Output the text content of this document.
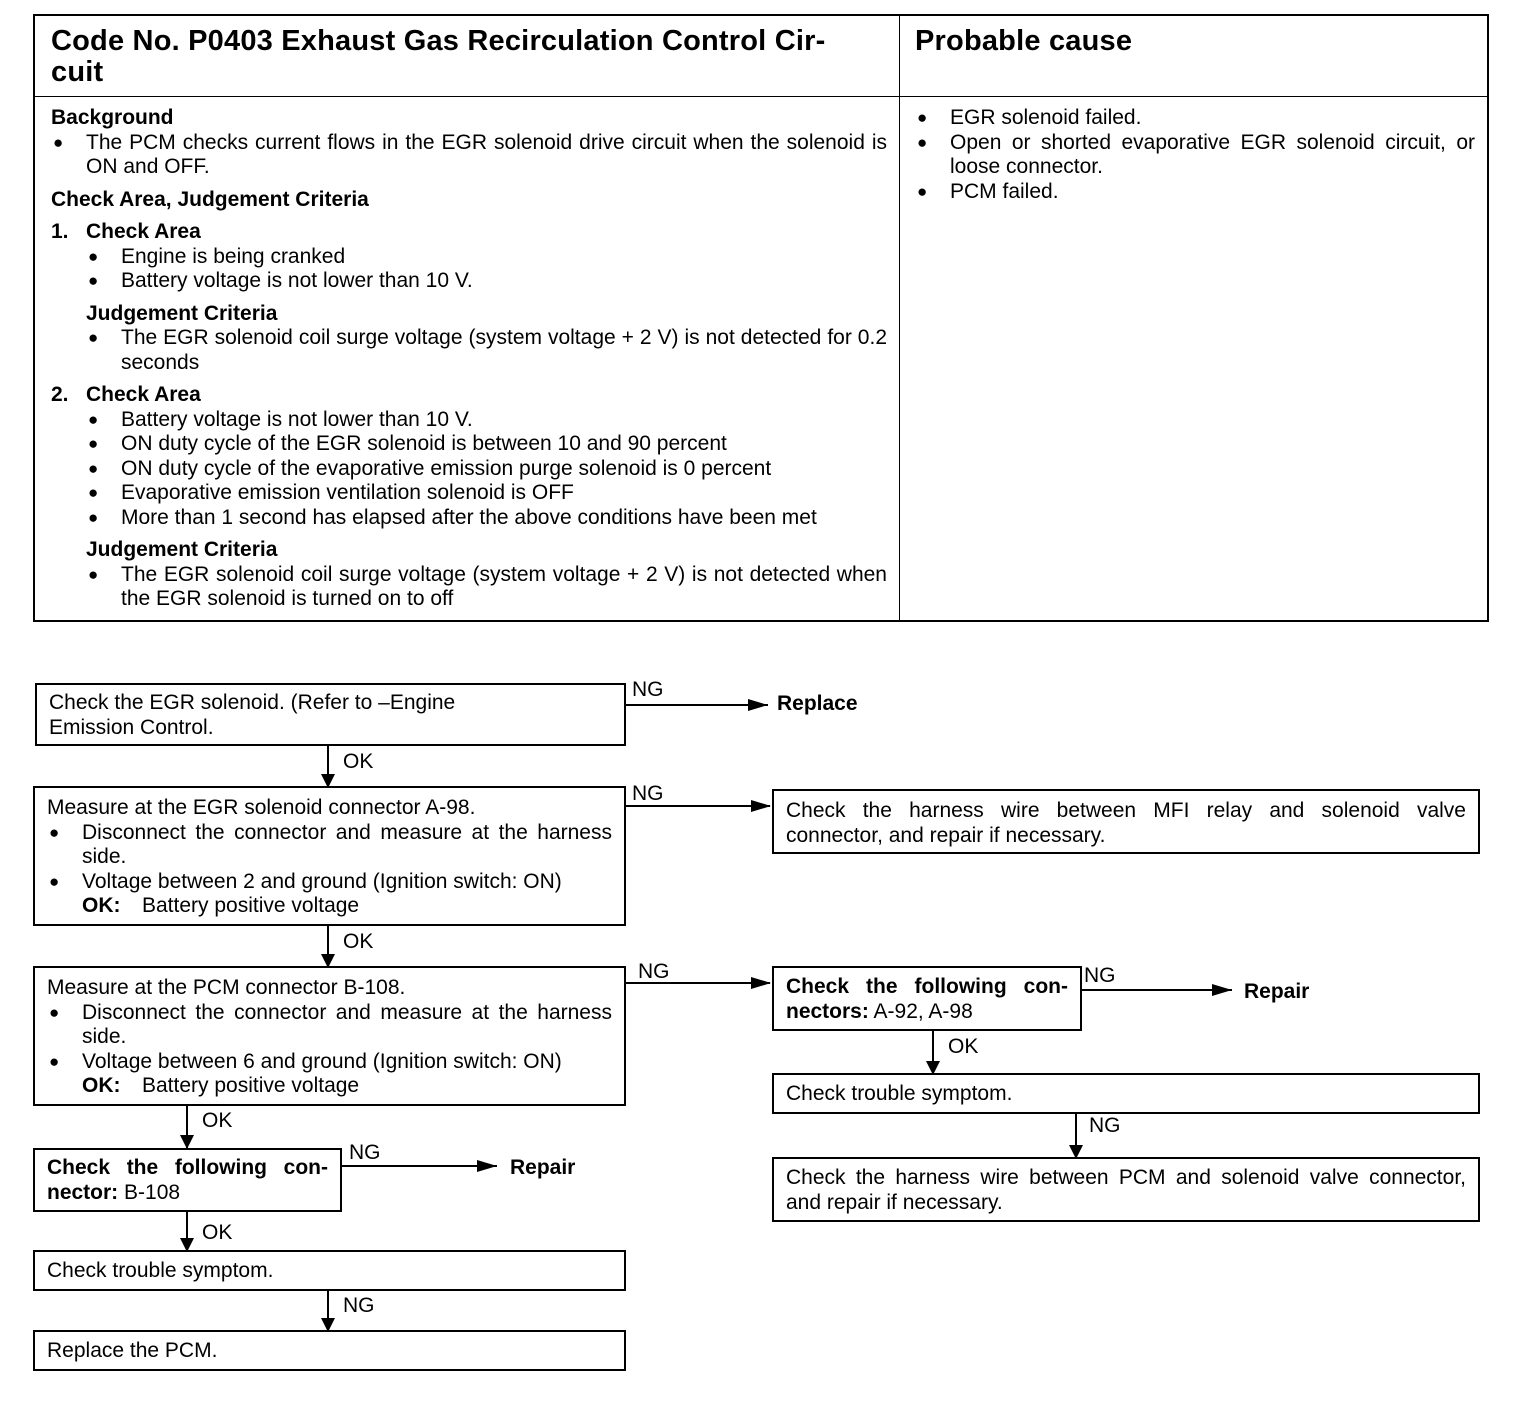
Code No. P0403 Exhaust Gas Recirculation Control Cir-
cuit
Probable cause
Background
● The PCM checks current flows in the EGR solenoid drive circuit when the solenoid is ON and OFF.
Check Area, Judgement Criteria
1. Check Area
● Engine is being cranked
● Battery voltage is not lower than 10 V.
Judgement Criteria
● The EGR solenoid coil surge voltage (system voltage + 2 V) is not detected for 0.2 seconds
2. Check Area
● Battery voltage is not lower than 10 V.
● ON duty cycle of the EGR solenoid is between 10 and 90 percent
● ON duty cycle of the evaporative emission purge solenoid is 0 percent
● Evaporative emission ventilation solenoid is OFF
● More than 1 second has elapsed after the above conditions have been met
Judgement Criteria
● The EGR solenoid coil surge voltage (system voltage + 2 V) is not detected when the EGR solenoid is turned on to off
● EGR solenoid failed.
● Open or shorted evaporative EGR solenoid circuit, or loose connector.
● PCM failed.
Check the EGR solenoid. (Refer to –Engine Emission Control.
Measure at the EGR solenoid connector A-98.
● Disconnect the connector and measure at the harness side.
● Voltage between 2 and ground (Ignition switch: ON)
OK: Battery positive voltage
Measure at the PCM connector B-108.
● Disconnect the connector and measure at the harness side.
● Voltage between 6 and ground (Ignition switch: ON)
OK: Battery positive voltage
Check the following con-
nector: B-108
Check trouble symptom.
Replace the PCM.
Check the harness wire between MFI relay and solenoid valve connector, and repair if necessary.
Check the following con-
nectors: A-92, A-98
Check trouble symptom.
Check the harness wire between PCM and solenoid valve connector, and repair if necessary.
NG
OK
NG
OK
NG	NG
OK
OK
NG
NG
OK
NG
Replace
Repair
Repair
